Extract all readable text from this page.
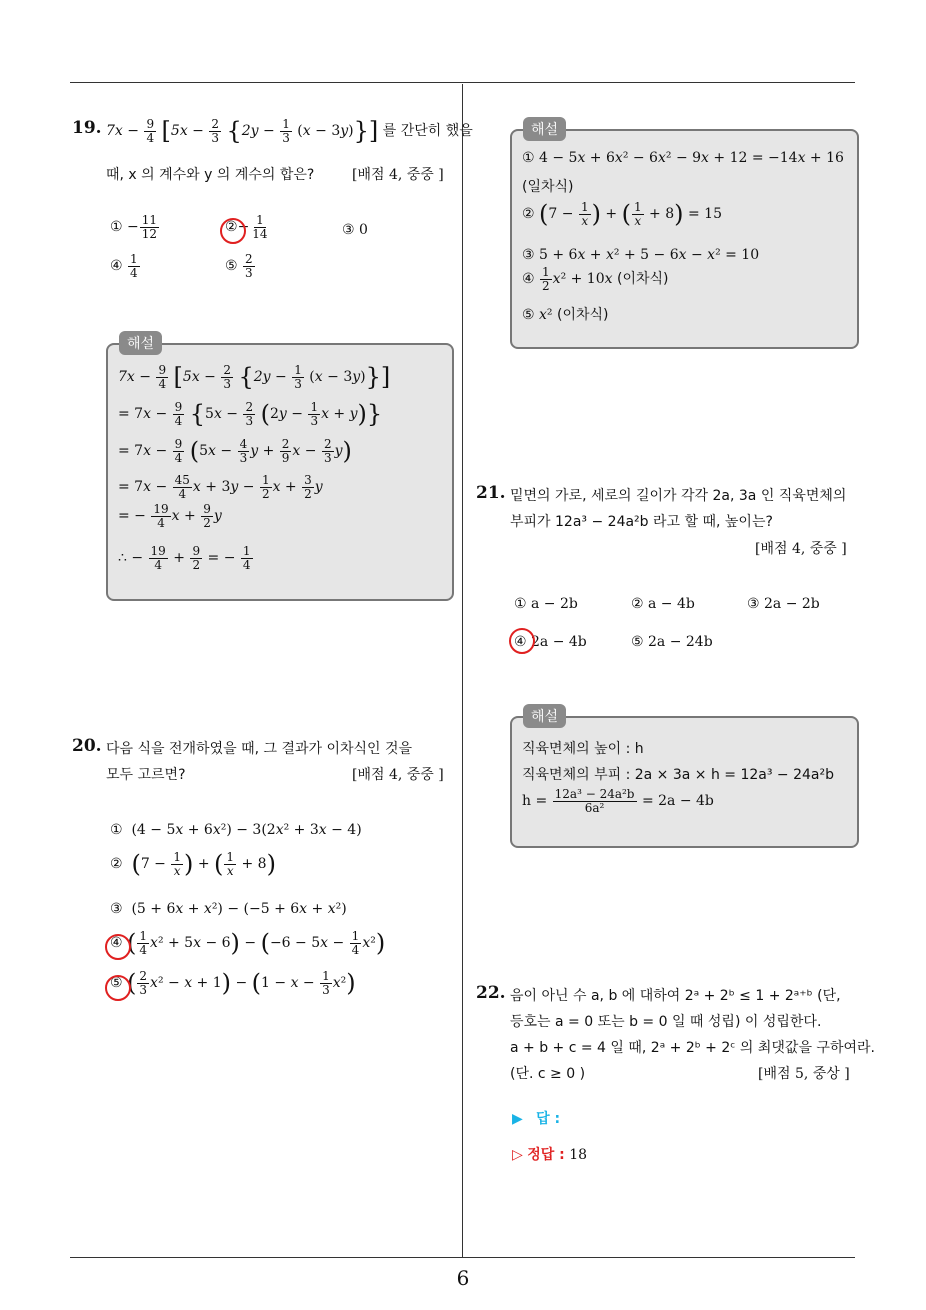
6
19. $7x - \frac{9}{4} [5x - \frac{2}{3} \{2y - \frac{1}{3} (x - 3y)\}]$ 를 간단히 했을
때, x 의 계수와 y 의 계수의 합은?	[배점 4, 중중 ]
① − $\frac{11}{12}$	②− $\frac{1}{14}$	③ 0
④ $\frac{1}{4}$	⑤ $\frac{2}{3}$
해설
$7x - \frac{9}{4} [5x - \frac{2}{3} \{2y - \frac{1}{3} (x - 3y)\}]$
= $7x - \frac{9}{4} \{5x - \frac{2}{3} (2y - \frac{1}{3}$ x + y)}
= $7x - \frac{9}{4} (5x - \frac{4}{3}$ $y + \frac{2}{9}$ $x - \frac{2}{3} y$)
= $7x - \frac{45}{4}$ $x + 3y - \frac{1}{2}$ $x + \frac{3}{2}$ y
= − $\frac{19}{4}$ $x + \frac{9}{2}$ y
∴ − $\frac{19}{4} + \frac{9}{2}$ = − $\frac{1}{4}$
20. 다음 식을 전개하였을 때, 그 결과가 이차식인 것을
모두 고르면?	[배점 4, 중중 ]
①  (4 − 5x + 6x²) − 3(2x² + 3x − 4)
②  ($7 - \frac{1}{x}$ ) + ( $\frac{1}{x} + 8$)
③  (5 + 6x + x²) − (−5 + 6x + x²)
④ ( $\frac{1}{4} x^2 + 5x - 6) - (-6 - 5x - \frac{1}{4} x^2)$
⑤ ( $\frac{2}{3} x^2 - x + 1) - (1 - x - \frac{1}{3} x^2)$
해설
① 4 − 5x + 6x² − 6x² − 9x + 12 = −14x + 16
(일차식)
② ($7 - \frac{1}{x}$ ) + ( $\frac{1}{x} + 8) = 15$
③ 5 + 6x + x² + 5 − 6x − x² = 10
④ $\frac{1}{2} x^2 + 10x$ (이차식)
⑤ x² (이차식)
21. 밑면의 가로, 세로의 길이가 각각 2a, 3a 인 직육면체의
부피가 12a³ − 24a²b 라고 할 때, 높이는?
[배점 4, 중중 ]
① a − 2b	② a − 4b	③ 2a − 2b
④ 2a − 4b	⑤ 2a − 24b
해설
직육면체의 높이 : h
직육면체의 부피 : 2a × 3a × h = 12a³ − 24a²b
$h = \frac{\text{12a³ − 24a²b}}{\text{6a²}} = 2a - 4b$
22. 음이 아닌 수 a, b 에 대하여 2ᵃ + 2ᵇ ≤ 1 + 2ᵃ⁺ᵇ (단,
등호는 a = 0 또는 b = 0 일 때 성립) 이 성립한다.
a + b + c = 4 일 때, 2ᵃ + 2ᵇ + 2ᶜ 의 최댓값을 구하여라.
(단. c ≥ 0 )	[배점 5, 중상 ]
▶ 답 :
▷ 정답 : 18
